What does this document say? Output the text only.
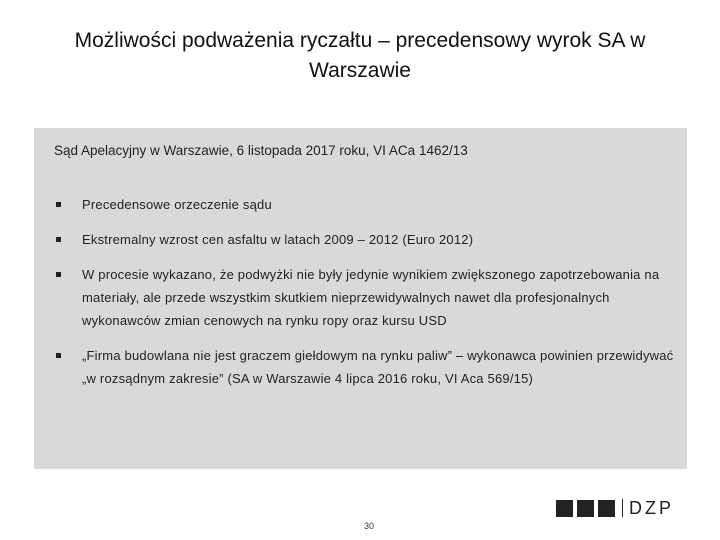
Możliwości podważenia ryczałtu – precedensowy wyrok SA w Warszawie
Sąd Apelacyjny w Warszawie, 6 listopada 2017 roku, VI ACa 1462/13
Precedensowe orzeczenie sądu
Ekstremalny wzrost cen asfaltu w latach 2009 – 2012 (Euro 2012)
W procesie wykazano, że podwyżki nie były jedynie wynikiem zwiększonego zapotrzebowania na materiały, ale przede wszystkim skutkiem nieprzewidywalnych nawet dla profesjonalnych wykonawców zmian cenowych na rynku ropy oraz kursu USD
„Firma budowlana nie jest graczem giełdowym na rynku paliw” – wykonawca powinien przewidywać „w rozsądnym zakresie” (SA w Warszawie 4 lipca 2016 roku, VI Aca 569/15)
DZP
30
